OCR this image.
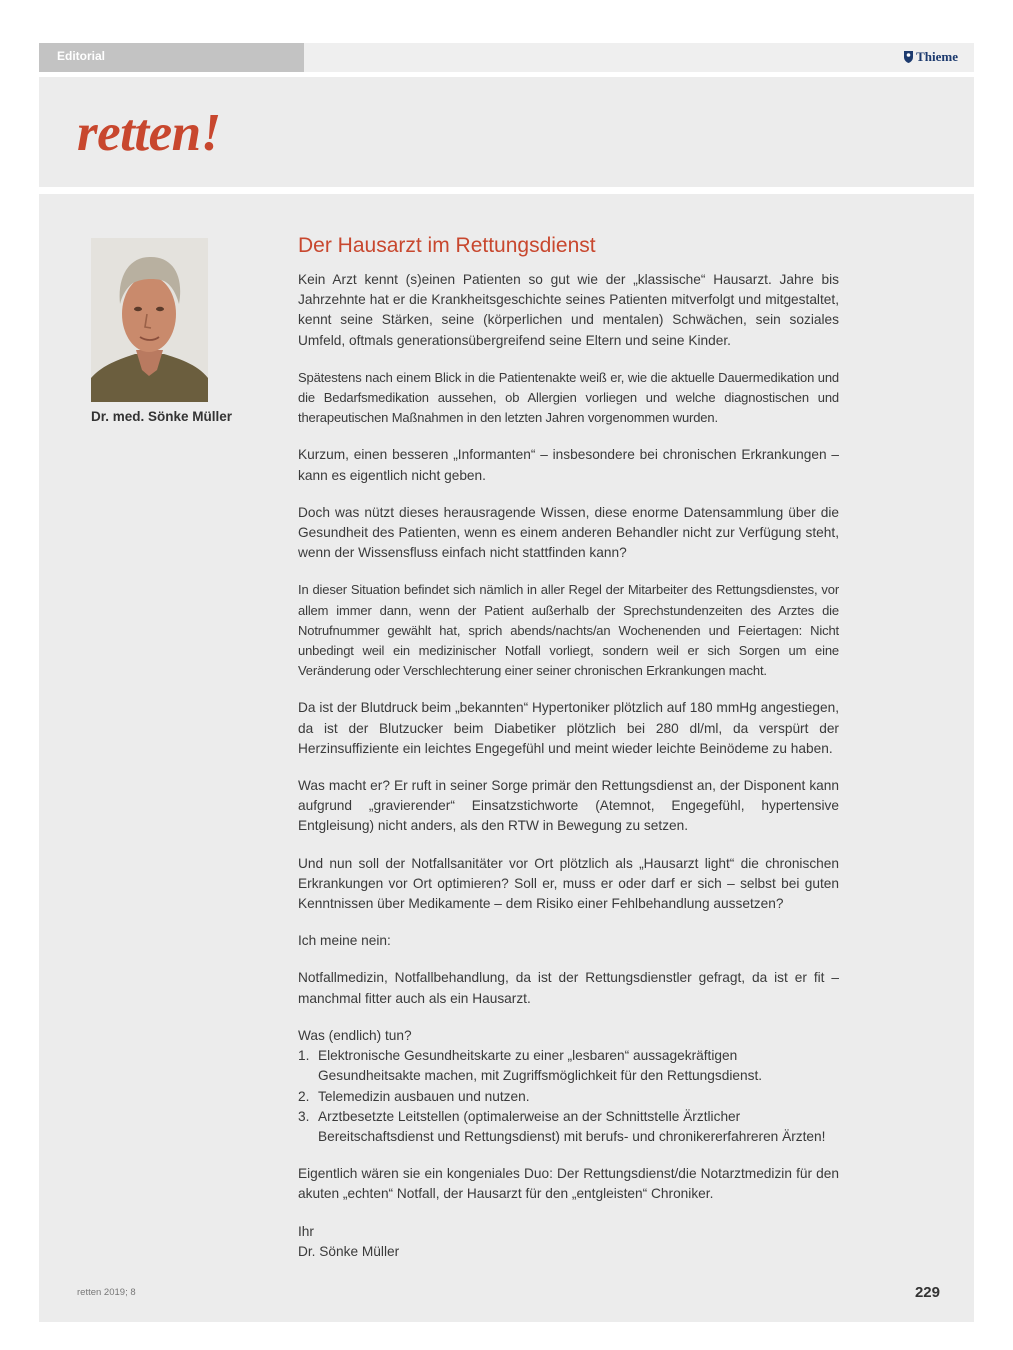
Editorial	Thieme
retten!
Dr. med. Sönke Müller
Der Hausarzt im Rettungsdienst

Kein Arzt kennt (s)einen Patienten so gut wie der „klassische“ Hausarzt. Jahre bis Jahrzehnte hat er die Krankheitsgeschichte seines Patienten mitverfolgt und mitgestaltet, kennt seine Stärken, seine (körperlichen und mentalen) Schwächen, sein soziales Umfeld, oftmals generationsübergreifend seine Eltern und seine Kinder.

Spätestens nach einem Blick in die Patientenakte weiß er, wie die aktuelle Dauermedikation und die Bedarfsmedikation aussehen, ob Allergien vorliegen und welche diagnostischen und therapeutischen Maßnahmen in den letzten Jahren vorgenommen wurden.

Kurzum, einen besseren „Informanten“ – insbesondere bei chronischen Erkrankungen – kann es eigentlich nicht geben.

Doch was nützt dieses herausragende Wissen, diese enorme Datensammlung über die Gesundheit des Patienten, wenn es einem anderen Behandler nicht zur Verfügung steht, wenn der Wissensfluss einfach nicht stattfinden kann?

In dieser Situation befindet sich nämlich in aller Regel der Mitarbeiter des Rettungsdienstes, vor allem immer dann, wenn der Patient außerhalb der Sprechstundenzeiten des Arztes die Notrufnummer gewählt hat, sprich abends/nachts/an Wochenenden und Feiertagen: Nicht unbedingt weil ein medizinischer Notfall vorliegt, sondern weil er sich Sorgen um eine Veränderung oder Verschlechterung einer seiner chronischen Erkrankungen macht.

Da ist der Blutdruck beim „bekannten“ Hypertoniker plötzlich auf 180 mmHg angestiegen, da ist der Blutzucker beim Diabetiker plötzlich bei 280 dl/ml, da verspürt der Herzinsuffiziente ein leichtes Engegefühl und meint wieder leichte Beinödeme zu haben.

Was macht er? Er ruft in seiner Sorge primär den Rettungsdienst an, der Disponent kann aufgrund „gravierender“ Einsatzstichworte (Atemnot, Engegefühl, hypertensive Entgleisung) nicht anders, als den RTW in Bewegung zu setzen.

Und nun soll der Notfallsanitäter vor Ort plötzlich als „Hausarzt light“ die chronischen Erkrankungen vor Ort optimieren? Soll er, muss er oder darf er sich – selbst bei guten Kenntnissen über Medikamente – dem Risiko einer Fehlbehandlung aussetzen?

Ich meine nein:

Notfallmedizin, Notfallbehandlung, da ist der Rettungsdienstler gefragt, da ist er fit – manchmal fitter auch als ein Hausarzt.

Was (endlich) tun?

1. Elektronische Gesundheitskarte zu einer „lesbaren“ aussagekräftigen Gesundheitsakte machen, mit Zugriffsmöglichkeit für den Rettungsdienst.
2. Telemedizin ausbauen und nutzen.
3. Arztbesetzte Leitstellen (optimalerweise an der Schnittstelle Ärztlicher Bereitschaftsdienst und Rettungsdienst) mit berufs- und chronikererfahreren Ärzten!

Eigentlich wären sie ein kongeniales Duo: Der Rettungsdienst/die Notarztmedizin für den akuten „echten“ Notfall, der Hausarzt für den „entgleisten“ Chroniker.

Ihr

Dr. Sönke Müller

retten 2019; 8	229
